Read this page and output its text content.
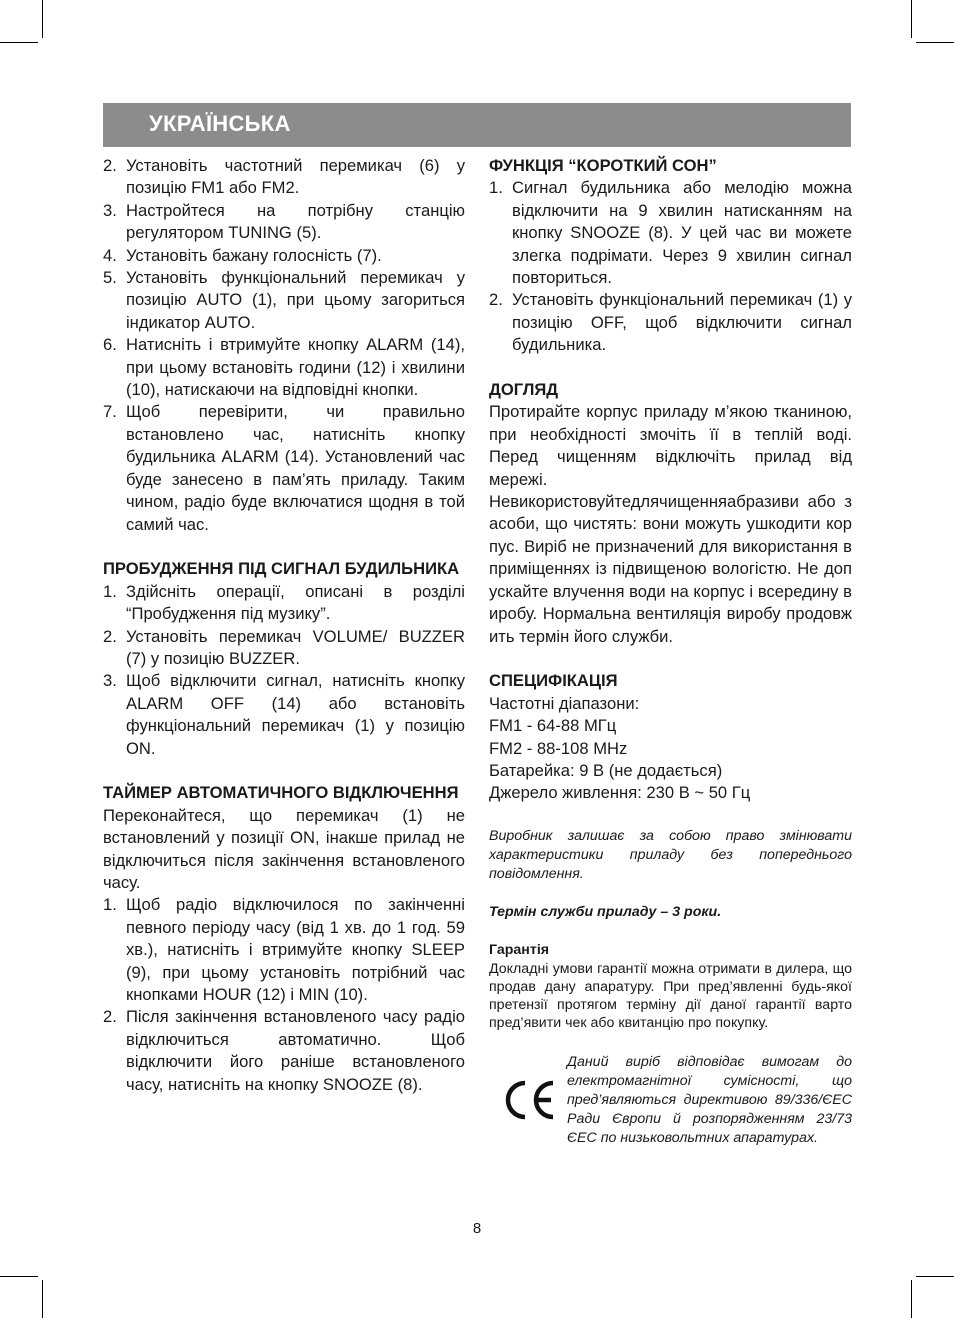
УКРАЇНСЬКА
2. Установіть частотний перемикач (6) у позицію FM1 або FM2.
3. Настройтеся на потрібну станцію регулятором TUNING (5).
4. Установіть бажану голосність (7).
5. Установіть функціональний перемикач у позицію AUTO (1), при цьому загориться індикатор AUTO.
6. Натисніть і втримуйте кнопку ALARM (14), при цьому встановіть години (12) і хвилини (10), натискаючи на відповідні кнопки.
7. Щоб перевірити, чи правильно встановлено час, натисніть кнопку будильника ALARM (14). Установлений час буде занесено в пам’ять приладу. Таким чином, радіо буде включатися щодня в той самий час.
ПРОБУДЖЕННЯ ПІД СИГНАЛ БУДИЛЬНИКА
1. Здійсніть операції, описані в розділі “Пробудження під музику”.
2. Установіть перемикач VOLUME/ BUZZER (7) у позицію BUZZER.
3. Щоб відключити сигнал, натисніть кнопку ALARM OFF (14) або встановіть функціональний перемикач (1) у позицію ON.
ТАЙМЕР АВТОМАТИЧНОГО ВІДКЛЮЧЕННЯ

Переконайтеся, що перемикач (1) не встановлений у позиції ON, інакше прилад не відключиться після закінчення встановленого часу.

1. Щоб радіо відключилося по закінченні певного періоду часу (від 1 хв. до 1 год. 59 хв.), натисніть і втримуйте кнопку SLEEP (9), при цьому установіть потрібний час кнопками HOUR (12) і MIN (10).
2. Після закінчення встановленого часу радіо відключиться автоматично. Щоб відключити його раніше встановленого часу, натисніть на кнопку SNOOZE (8).
ФУНКЦІЯ “КОРОТКИЙ СОН”
1. Сигнал будильника або мелодію можна відключити на 9 хвилин натисканням на кнопку SNOOZE (8). У цей час ви можете злегка подрімати. Через 9 хвилин сигнал повториться.
2. Установіть функціональний перемикач (1) у позицію OFF, щоб відключити сигнал будильника.
ДОГЛЯД

Протирайте корпус приладу м’якою тканиною, при необхідності змочіть її в теплій воді. Перед чищенням відключіть прилад від мережі.

Невикористовуйтедлячищенняабразиви або засоби, що чистять: вони можуть ушкодити корпус. Виріб не призначений для використання в приміщеннях із підвищеною вологістю. Не допускайте влучення води на корпус і всередину виробу. Нормальна вентиляція виробу продовжить термін його служби.

СПЕЦИФІКАЦІЯ

Частотні діапазони:

FM1 - 64-88 МГц

FM2 - 88-108 MHz

Батарейка: 9 В (не додається)

Джерело живлення: 230 В ~ 50 Гц

Виробник залишає за собою право змінювати характеристики приладу без попереднього повідомлення.

Термін служби приладу – 3 роки.

Гарантія

Докладні умови гарантії можна отримати в дилера, що продав дану апаратуру. При пред’явленні будь-якої претензії протягом терміну дії даної гарантії варто пред’явити чек або квитанцію про покупку.

Даний виріб відповідає вимогам до електромагнітної сумісності, що пред’являються директивою 89/336/ЄЕС Ради Європи й розпорядженням 23/73 ЄЕС по низьковольтних апаратурах.

8
